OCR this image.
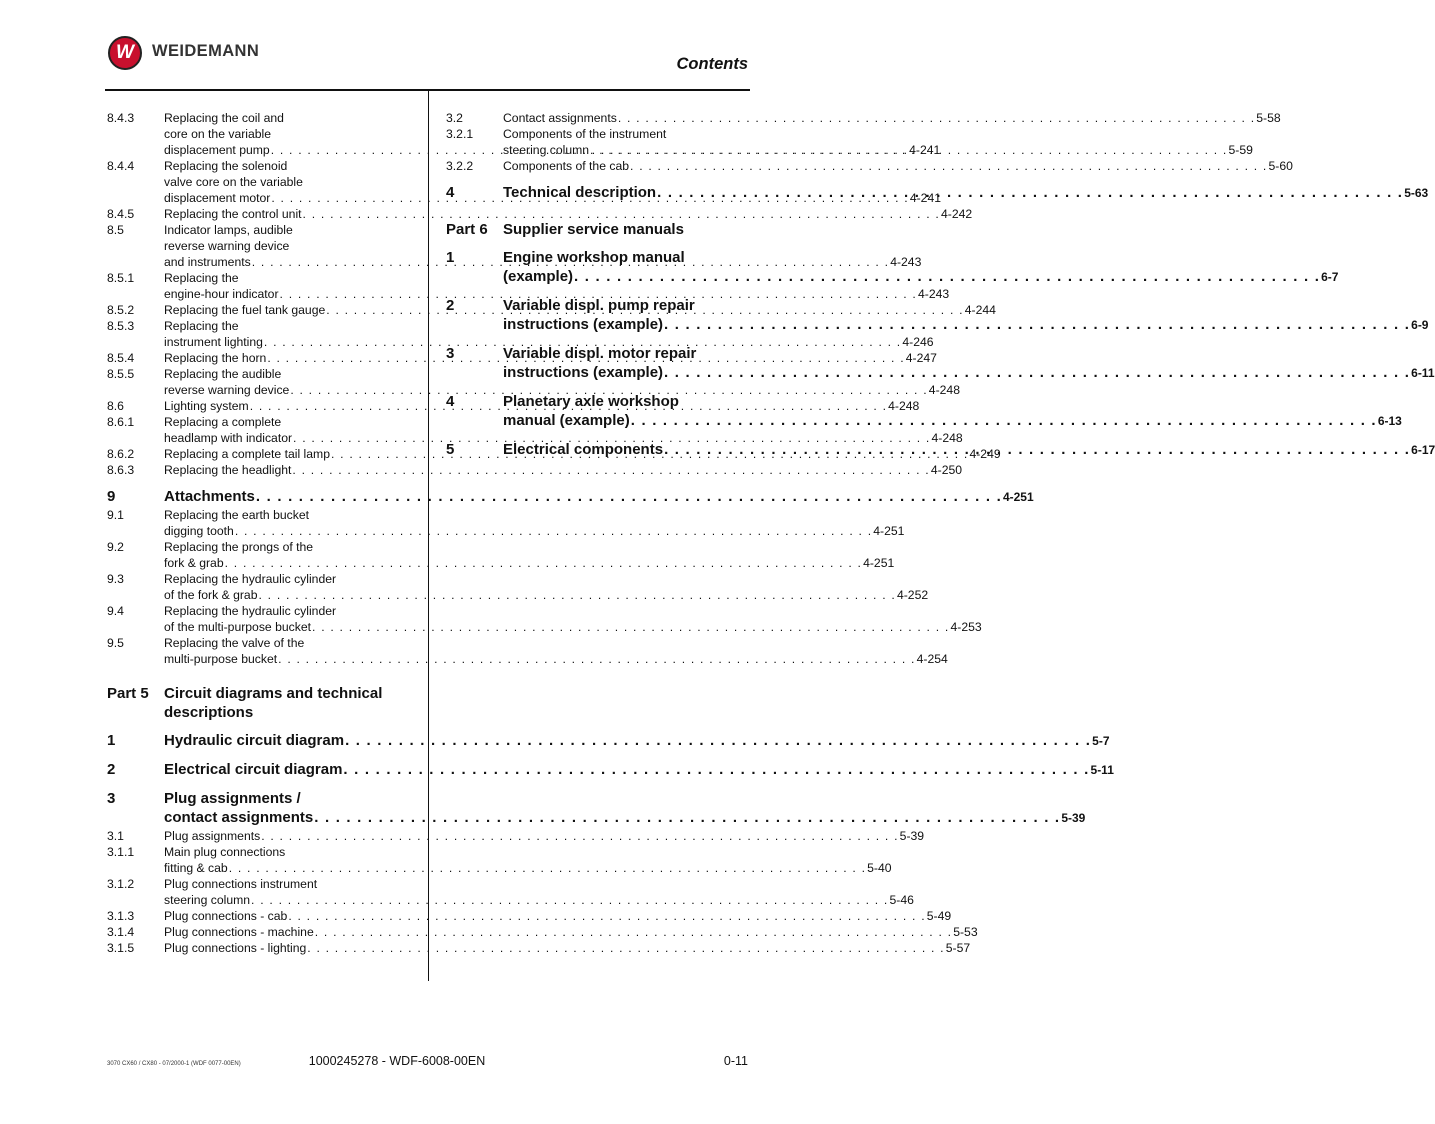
W	WEIDEMANN
Contents
8.4.3	Replacing the coil and
core on the variable
displacement pump . . .	4-241
8.4.4	Replacing the solenoid
valve core on the variable
displacement motor . . .	4-241
8.4.5	Replacing the control unit . . .	4-242
8.5	Indicator lamps, audible
reverse warning device
and instruments . . .	4-243
8.5.1	Replacing the
engine-hour indicator . . .	4-243
8.5.2	Replacing the fuel tank gauge . . .	4-244
8.5.3	Replacing the
instrument lighting . . .	4-246
8.5.4	Replacing the horn . . .	4-247
8.5.5	Replacing the audible
reverse warning device . . .	4-248
8.6	Lighting system . . .	4-248
8.6.1	Replacing a complete
headlamp with indicator . . .	4-248
8.6.2	Replacing a complete tail lamp . . .	4-249
8.6.3	Replacing the headlight . . .	4-250
9	Attachments . . .	4-251
9.1	Replacing the earth bucket
digging tooth . . .	4-251
9.2	Replacing the prongs of the
fork & grab . . .	4-251
9.3	Replacing the hydraulic cylinder
of the fork & grab . . .	4-252
9.4	Replacing the hydraulic cylinder
of the multi-purpose bucket . . .	4-253
9.5	Replacing the valve of the
multi-purpose bucket . . .	4-254
Part 5	Circuit diagrams and technical
descriptions
1	Hydraulic circuit diagram . . .	5-7
2	Electrical circuit diagram . . .	5-11
3	Plug assignments /
contact assignments . . .	5-39
3.1	Plug assignments . . .	5-39
3.1.1	Main plug connections
fitting & cab . . .	5-40
3.1.2	Plug connections instrument
steering column . . .	5-46
3.1.3	Plug connections - cab . . .	5-49
3.1.4	Plug connections - machine . . .	5-53
3.1.5	Plug connections - lighting . . .	5-57
3.2	Contact assignments . . .	5-58
3.2.1	Components of the instrument
steering column . . .	5-59
3.2.2	Components of the cab . . .	5-60
4	Technical description . . .	5-63
Part 6	Supplier service manuals
1	Engine workshop manual
(example) . . .	6-7
2	Variable displ. pump repair
instructions (example) . . .	6-9
3	Variable displ. motor repair
instructions (example) . . .	6-11
4	Planetary axle workshop
manual (example) . . .	6-13
5	Electrical components . . .	6-17
3070 CX60 / CX80 - 07/2000-1 (WDF 0077-00EN)	1000245278 - WDF-6008-00EN	0-11
